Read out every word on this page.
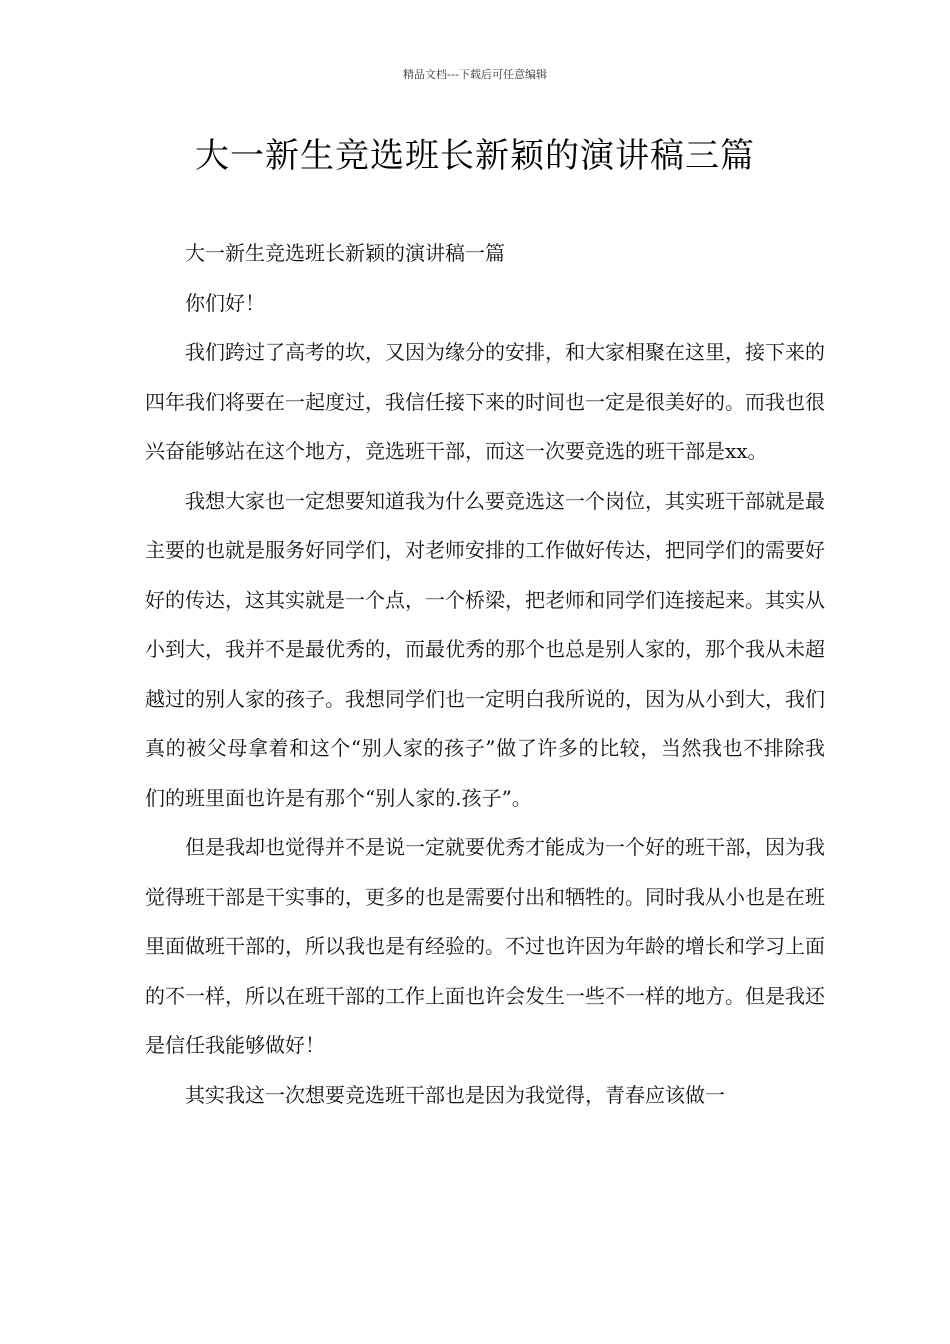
精品文档---下载后可任意编辑
大一新生竞选班长新颖的演讲稿三篇

大一新生竞选班长新颖的演讲稿一篇

你们好！

我们跨过了高考的坎，又因为缘分的安排，和大家相聚在这里，接下来的四年我们将要在一起度过，我信任接下来的时间也一定是很美好的。而我也很兴奋能够站在这个地方，竞选班干部，而这一次要竞选的班干部是xx。

我想大家也一定想要知道我为什么要竞选这一个岗位，其实班干部就是最主要的也就是服务好同学们，对老师安排的工作做好传达，把同学们的需要好好的传达，这其实就是一个点，一个桥梁，把老师和同学们连接起来。其实从小到大，我并不是最优秀的，而最优秀的那个也总是别人家的，那个我从未超越过的别人家的孩子。我想同学们也一定明白我所说的，因为从小到大，我们真的被父母拿着和这个“别人家的孩子”做了许多的比较，当然我也不排除我们的班里面也许是有那个“别人家的.孩子”。

但是我却也觉得并不是说一定就要优秀才能成为一个好的班干部，因为我觉得班干部是干实事的，更多的也是需要付出和牺牲的。同时我从小也是在班里面做班干部的，所以我也是有经验的。不过也许因为年龄的增长和学习上面的不一样，所以在班干部的工作上面也许会发生一些不一样的地方。但是我还是信任我能够做好！

其实我这一次想要竞选班干部也是因为我觉得，青春应该做一
